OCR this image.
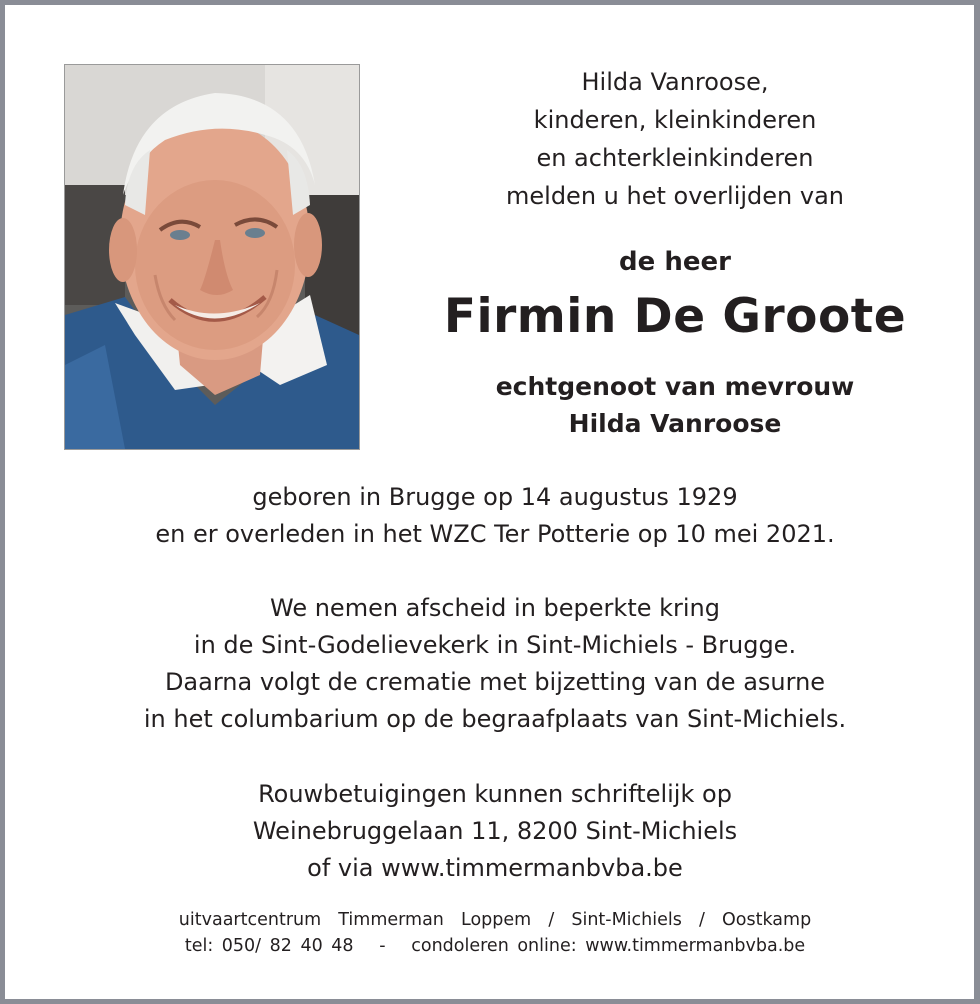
Hilda Vanroose,
kinderen, kleinkinderen
en achterkleinkinderen
melden u het overlijden van
de heer
Firmin De Groote
echtgenoot van mevrouw
Hilda Vanroose
geboren in Brugge op 14 augustus 1929
en er overleden in het WZC Ter Potterie op 10 mei 2021.
We nemen afscheid in beperkte kring
in de Sint-Godelievekerk in Sint-Michiels - Brugge.
Daarna volgt de crematie met bijzetting van de asurne
in het columbarium op de begraafplaats van Sint-Michiels.
Rouwbetuigingen kunnen schriftelijk op
Weinebruggelaan 11, 8200 Sint-Michiels
of via www.timmermanbvba.be
uitvaartcentrum  Timmerman  Loppem  /  Sint-Michiels  /  Oostkamp
tel: 050/ 82 40 48   -   condoleren online: www.timmermanbvba.be
